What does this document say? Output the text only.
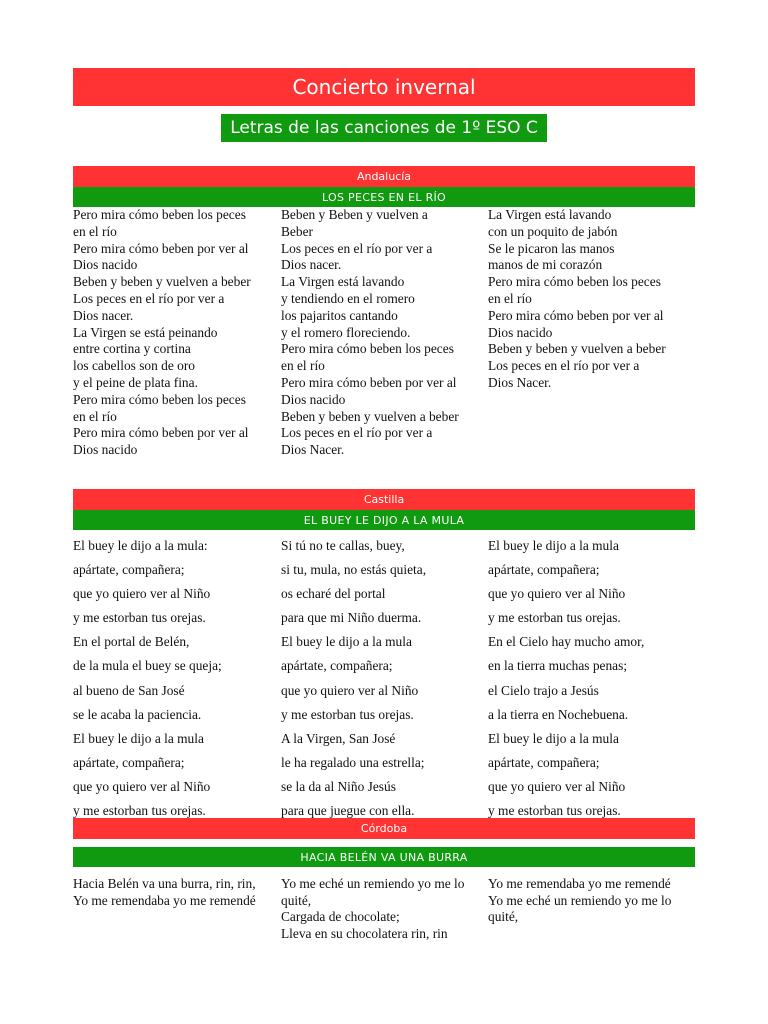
Concierto invernal
Letras de las canciones de 1º ESO C
Andalucía
LOS PECES EN EL RÍO
Pero mira cómo beben los peces
en el río
Pero mira cómo beben por ver al
Dios nacido
Beben y beben y vuelven a beber
Los peces en el río por ver a
Dios nacer.
La Virgen se está peinando
entre cortina y cortina
los cabellos son de oro
y el peine de plata fina.
Pero mira cómo beben los peces
en el río
Pero mira cómo beben por ver al
Dios nacido
Beben y Beben y vuelven a
Beber
Los peces en el río por ver a
Dios nacer.
La Virgen está lavando
y tendiendo en el romero
los pajaritos cantando
y el romero floreciendo.
Pero mira cómo beben los peces
en el río
Pero mira cómo beben por ver al
Dios nacido
Beben y beben y vuelven a beber
Los peces en el río por ver a
Dios Nacer.
La Virgen está lavando
con un poquito de jabón
Se le picaron las manos
manos de mi corazón
Pero mira cómo beben los peces
en el río
Pero mira cómo beben por ver al
Dios nacido
Beben y beben y vuelven a beber
Los peces en el río por ver a
Dios Nacer.
Castilla
EL BUEY LE DIJO A LA MULA
El buey le dijo a la mula:
apártate, compañera;
que yo quiero ver al Niño
y me estorban tus orejas.
En el portal de Belén,
de la mula el buey se queja;
al bueno de San José
se le acaba la paciencia.
El buey le dijo a la mula
apártate, compañera;
que yo quiero ver al Niño
y me estorban tus orejas.
Si tú no te callas, buey,
si tu, mula, no estás quieta,
os echaré del portal
para que mi Niño duerma.
El buey le dijo a la mula
apártate, compañera;
que yo quiero ver al Niño
y me estorban tus orejas.
A la Virgen, San José
le ha regalado una estrella;
se la da al Niño Jesús
para que juegue con ella.
El buey le dijo a la mula
apártate, compañera;
que yo quiero ver al Niño
y me estorban tus orejas.
En el Cielo hay mucho amor,
en la tierra muchas penas;
el Cielo trajo a Jesús
a la tierra en Nochebuena.
El buey le dijo a la mula
apártate, compañera;
que yo quiero ver al Niño
y me estorban tus orejas.
Córdoba
HACIA BELÉN VA UNA BURRA
Hacia Belén va una burra, rin, rin,
Yo me remendaba yo me remendé
Yo me eché un remiendo yo me lo quité,
Cargada de chocolate;
Lleva en su chocolatera rin, rin
Yo me remendaba yo me remendé
Yo me eché un remiendo yo me lo quité,
